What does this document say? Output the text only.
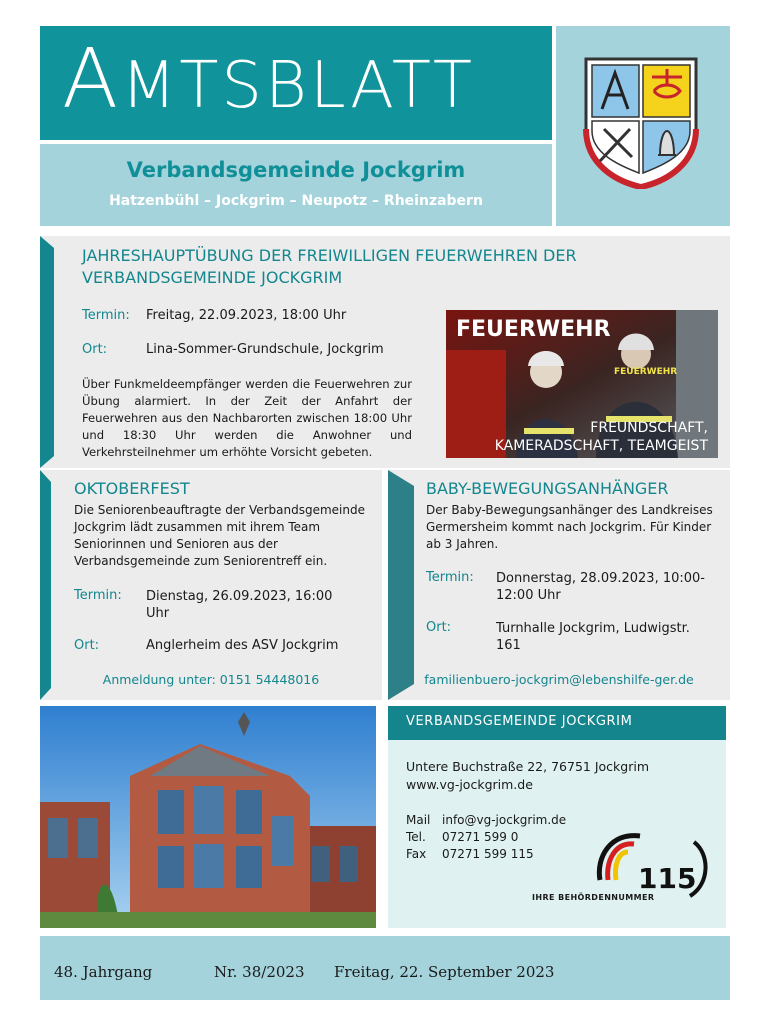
AMTSBLATT
Verbandsgemeinde Jockgrim
Hatzenbühl – Jockgrim – Neupotz – Rheinzabern
JAHRESHAUPTÜBUNG DER FREIWILLIGEN FEUERWEHREN DER VERBANDSGEMEINDE JOCKGRIM
Termin: Freitag, 22.09.2023, 18:00 Uhr
Ort:	Lina-Sommer-Grundschule, Jockgrim
Über Funkmeldeempfänger werden die Feuerwehren zur Übung alarmiert. In der Zeit der Anfahrt der Feuerwehren aus den Nachbarorten zwischen 18:00 Uhr und 18:30 Uhr werden die Anwohner und Verkehrsteilnehmer um erhöhte Vorsicht gebeten.
FEUERWEHR
FEUERWEHR
FREUNDSCHAFT,
KAMERADSCHAFT, TEAMGEIST
OKTOBERFEST
Die Seniorenbeauftragte der Verbandsgemeinde Jockgrim lädt zusammen mit ihrem Team Seniorinnen und Senioren aus der Verbandsgemeinde zum Seniorentreff ein.
Termin: Dienstag, 26.09.2023, 16:00 Uhr
Ort:	Anglerheim des ASV Jockgrim
Anmeldung unter: 0151 54448016
BABY-BEWEGUNGSANHÄNGER
Der Baby-Bewegungsanhänger des Landkreises Germersheim kommt nach Jockgrim. Für Kinder ab 3 Jahren.
Termin: Donnerstag, 28.09.2023, 10:00- 12:00 Uhr
Ort:	Turnhalle Jockgrim, Ludwigstr. 161
familienbuero-jockgrim@lebenshilfe-ger.de
VERBANDSGEMEINDE JOCKGRIM
Untere Buchstraße 22, 76751 Jockgrim
www.vg-jockgrim.de
Mail info@vg-jockgrim.de
Tel. 07271 599 0
Fax 07271 599 115
115
IHRE BEHÖRDENNUMMER
48. Jahrgang	Nr. 38/2023 Freitag, 22. September 2023
